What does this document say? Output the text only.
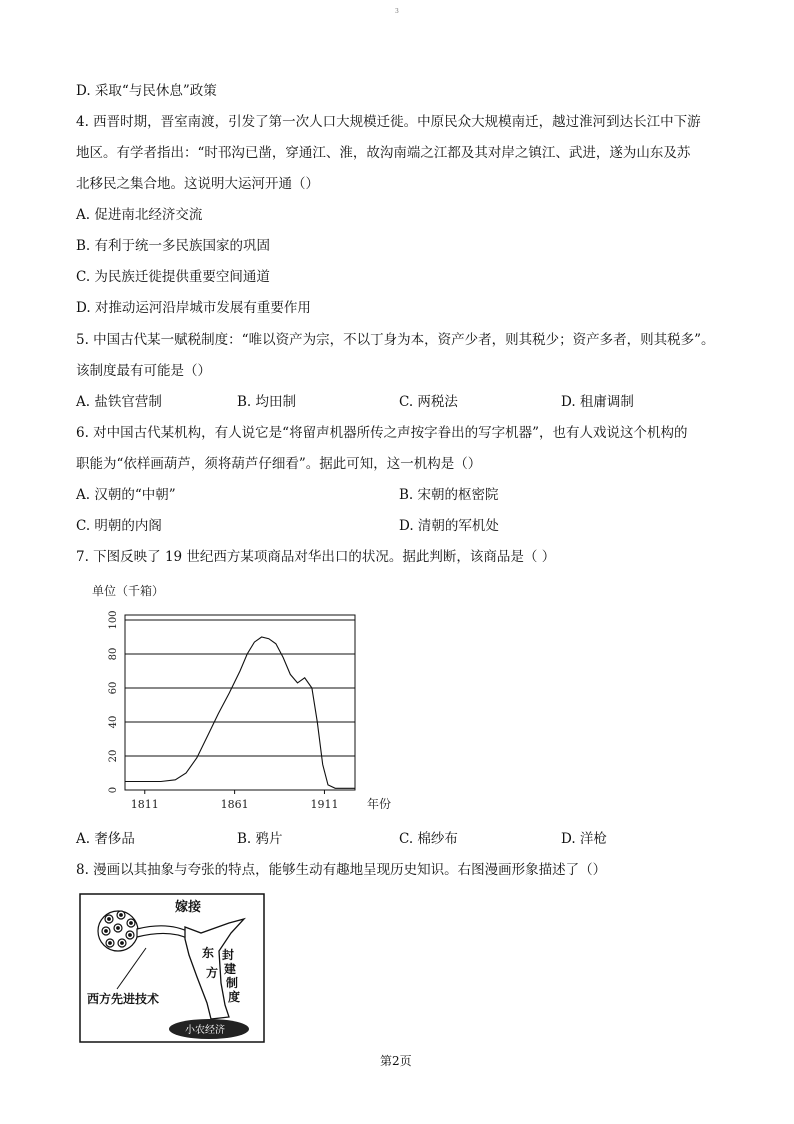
3
D. 采取“与民休息”政策
4. 西晋时期，晋室南渡，引发了第一次人口大规模迁徙。中原民众大规模南迁，越过淮河到达长江中下游
地区。有学者指出：“时邗沟已凿，穿通江、淮，故沟南端之江都及其对岸之镇江、武进，遂为山东及苏
北移民之集合地。这说明大运河开通（）
A. 促进南北经济交流
B. 有利于统一多民族国家的巩固
C. 为民族迁徙提供重要空间通道
D. 对推动运河沿岸城市发展有重要作用
5. 中国古代某一赋税制度：“唯以资产为宗，不以丁身为本，资产少者，则其税少；资产多者，则其税多”。
该制度最有可能是（）
A. 盐铁官营制	B. 均田制	C. 两税法	D. 租庸调制
6. 对中国古代某机构，有人说它是“将留声机器所传之声按字眷出的写字机器”，也有人戏说这个机构的
职能为“依样画葫芦，须将葫芦仔细看”。据此可知，这一机构是（）
A. 汉朝的“中朝”	B. 宋朝的枢密院
C. 明朝的内阁	D. 清朝的军机处
7. 下图反映了 19 世纪西方某项商品对华出口的状况。据此判断，该商品是（ ）
单位（千箱）
0
20
40
60
80
100
1811	1861	1911 年份
A. 奢侈品	B. 鸦片	C. 棉纱布	D. 洋枪
8. 漫画以其抽象与夸张的特点，能够生动有趣地呈现历史知识。右图漫画形象描述了（）
嫁接
东
方
封
建
制
度
西方先进技术
小农经济
第2页
